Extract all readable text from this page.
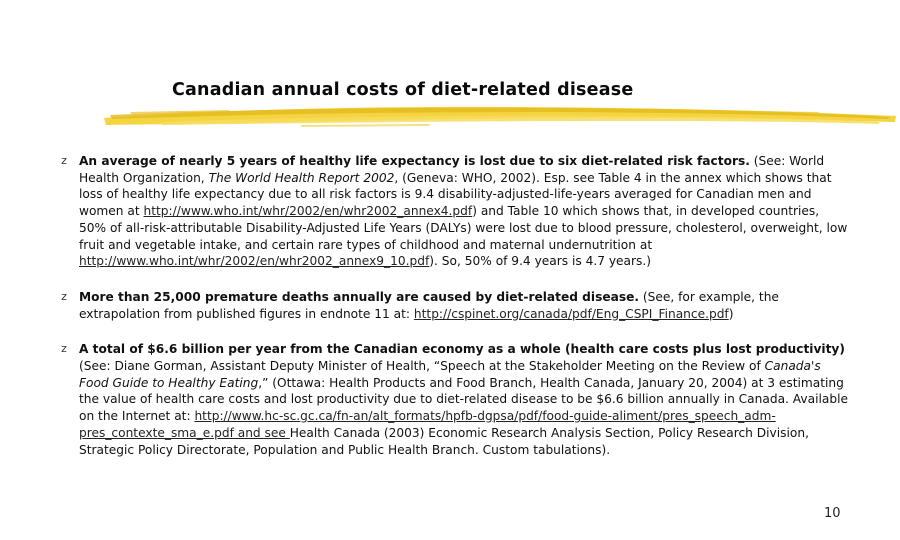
Canadian annual costs of diet-related disease
z An average of nearly 5 years of healthy life expectancy is lost due to six diet-related risk factors. (See: World Health Organization, The World Health Report 2002, (Geneva: WHO, 2002). Esp. see Table 4 in the annex which shows that loss of healthy life expectancy due to all risk factors is 9.4 disability-adjusted-life-years averaged for Canadian men and women at http://www.who.int/whr/2002/en/whr2002_annex4.pdf) and Table 10 which shows that, in developed countries, 50% of all-risk-attributable Disability-Adjusted Life Years (DALYs) were lost due to blood pressure, cholesterol, overweight, low fruit and vegetable intake, and certain rare types of childhood and maternal undernutrition at http://www.who.int/whr/2002/en/whr2002_annex9_10.pdf). So, 50% of 9.4 years is 4.7 years.)
z More than 25,000 premature deaths annually are caused by diet-related disease. (See, for example, the extrapolation from published figures in endnote 11 at: http://cspinet.org/canada/pdf/Eng_CSPI_Finance.pdf)
z A total of $6.6 billion per year from the Canadian economy as a whole (health care costs plus lost productivity) (See: Diane Gorman, Assistant Deputy Minister of Health, “Speech at the Stakeholder Meeting on the Review of Canada's Food Guide to Healthy Eating,” (Ottawa: Health Products and Food Branch, Health Canada, January 20, 2004) at 3 estimating the value of health care costs and lost productivity due to diet-related disease to be $6.6 billion annually in Canada. Available on the Internet at: http://www.hc-sc.gc.ca/fn-an/alt_formats/hpfb-dgpsa/pdf/food-guide-aliment/pres_speech_adm-pres_contexte_sma_e.pdf and see Health Canada (2003) Economic Research Analysis Section, Policy Research Division, Strategic Policy Directorate, Population and Public Health Branch. Custom tabulations).
10
